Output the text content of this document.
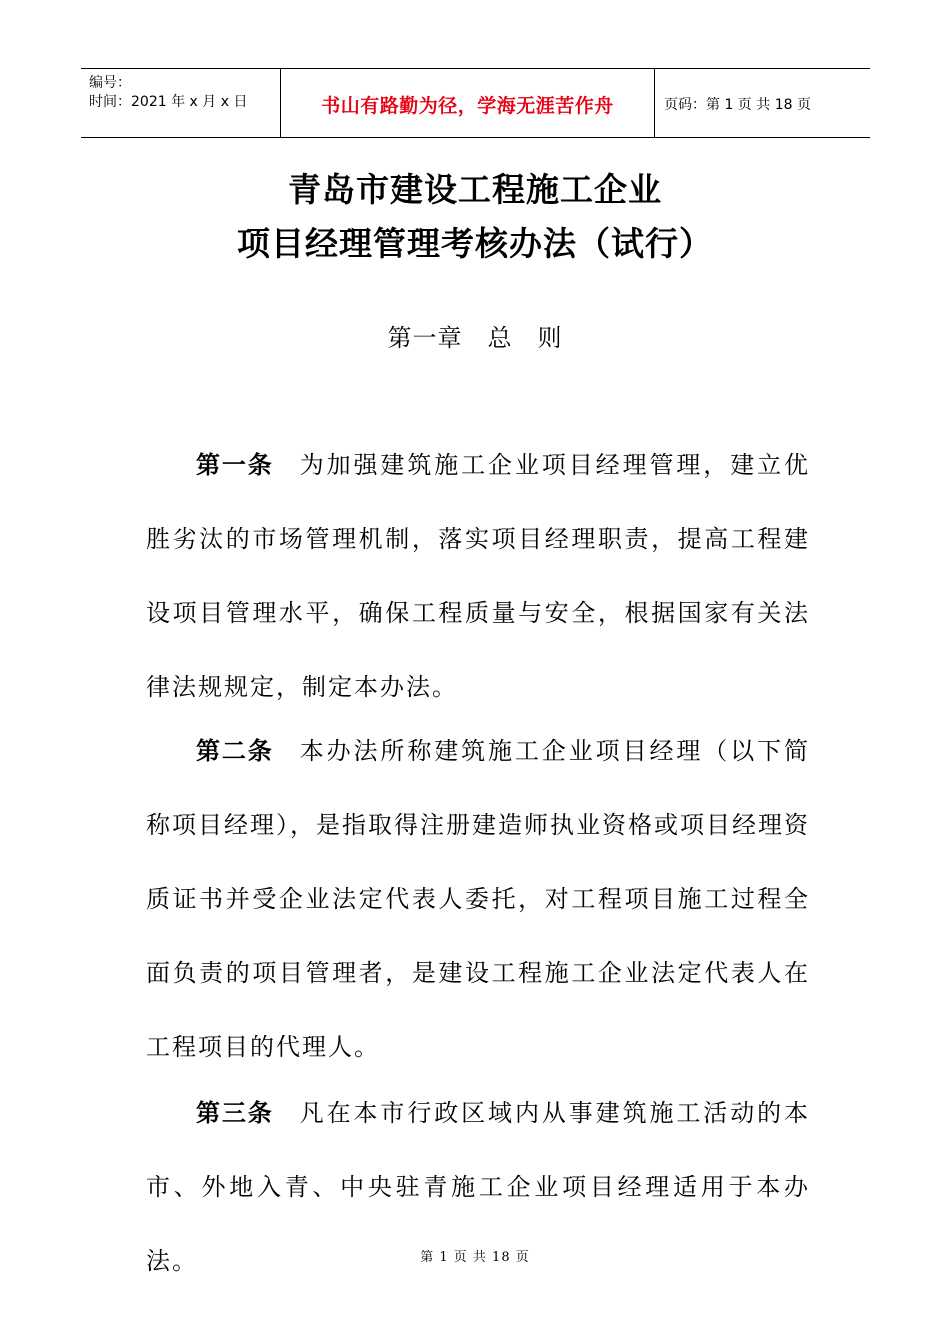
编号：
时间：2021 年 x 月 x 日	书山有路勤为径，学海无涯苦作舟	页码：第 1 页 共 18 页
青岛市建设工程施工企业
项目经理管理考核办法（试行）
第一章　总　则
第一条 为加强建筑施工企业项目经理管理，建立优胜劣汰的市场管理机制，落实项目经理职责，提高工程建设项目管理水平，确保工程质量与安全，根据国家有关法律法规规定，制定本办法。
第二条 本办法所称建筑施工企业项目经理（以下简称项目经理），是指取得注册建造师执业资格或项目经理资质证书并受企业法定代表人委托，对工程项目施工过程全面负责的项目管理者，是建设工程施工企业法定代表人在工程项目的代理人。
第三条 凡在本市行政区域内从事建筑施工活动的本市、外地入青、中央驻青施工企业项目经理适用于本办法。	第 1 页 共 18 页
